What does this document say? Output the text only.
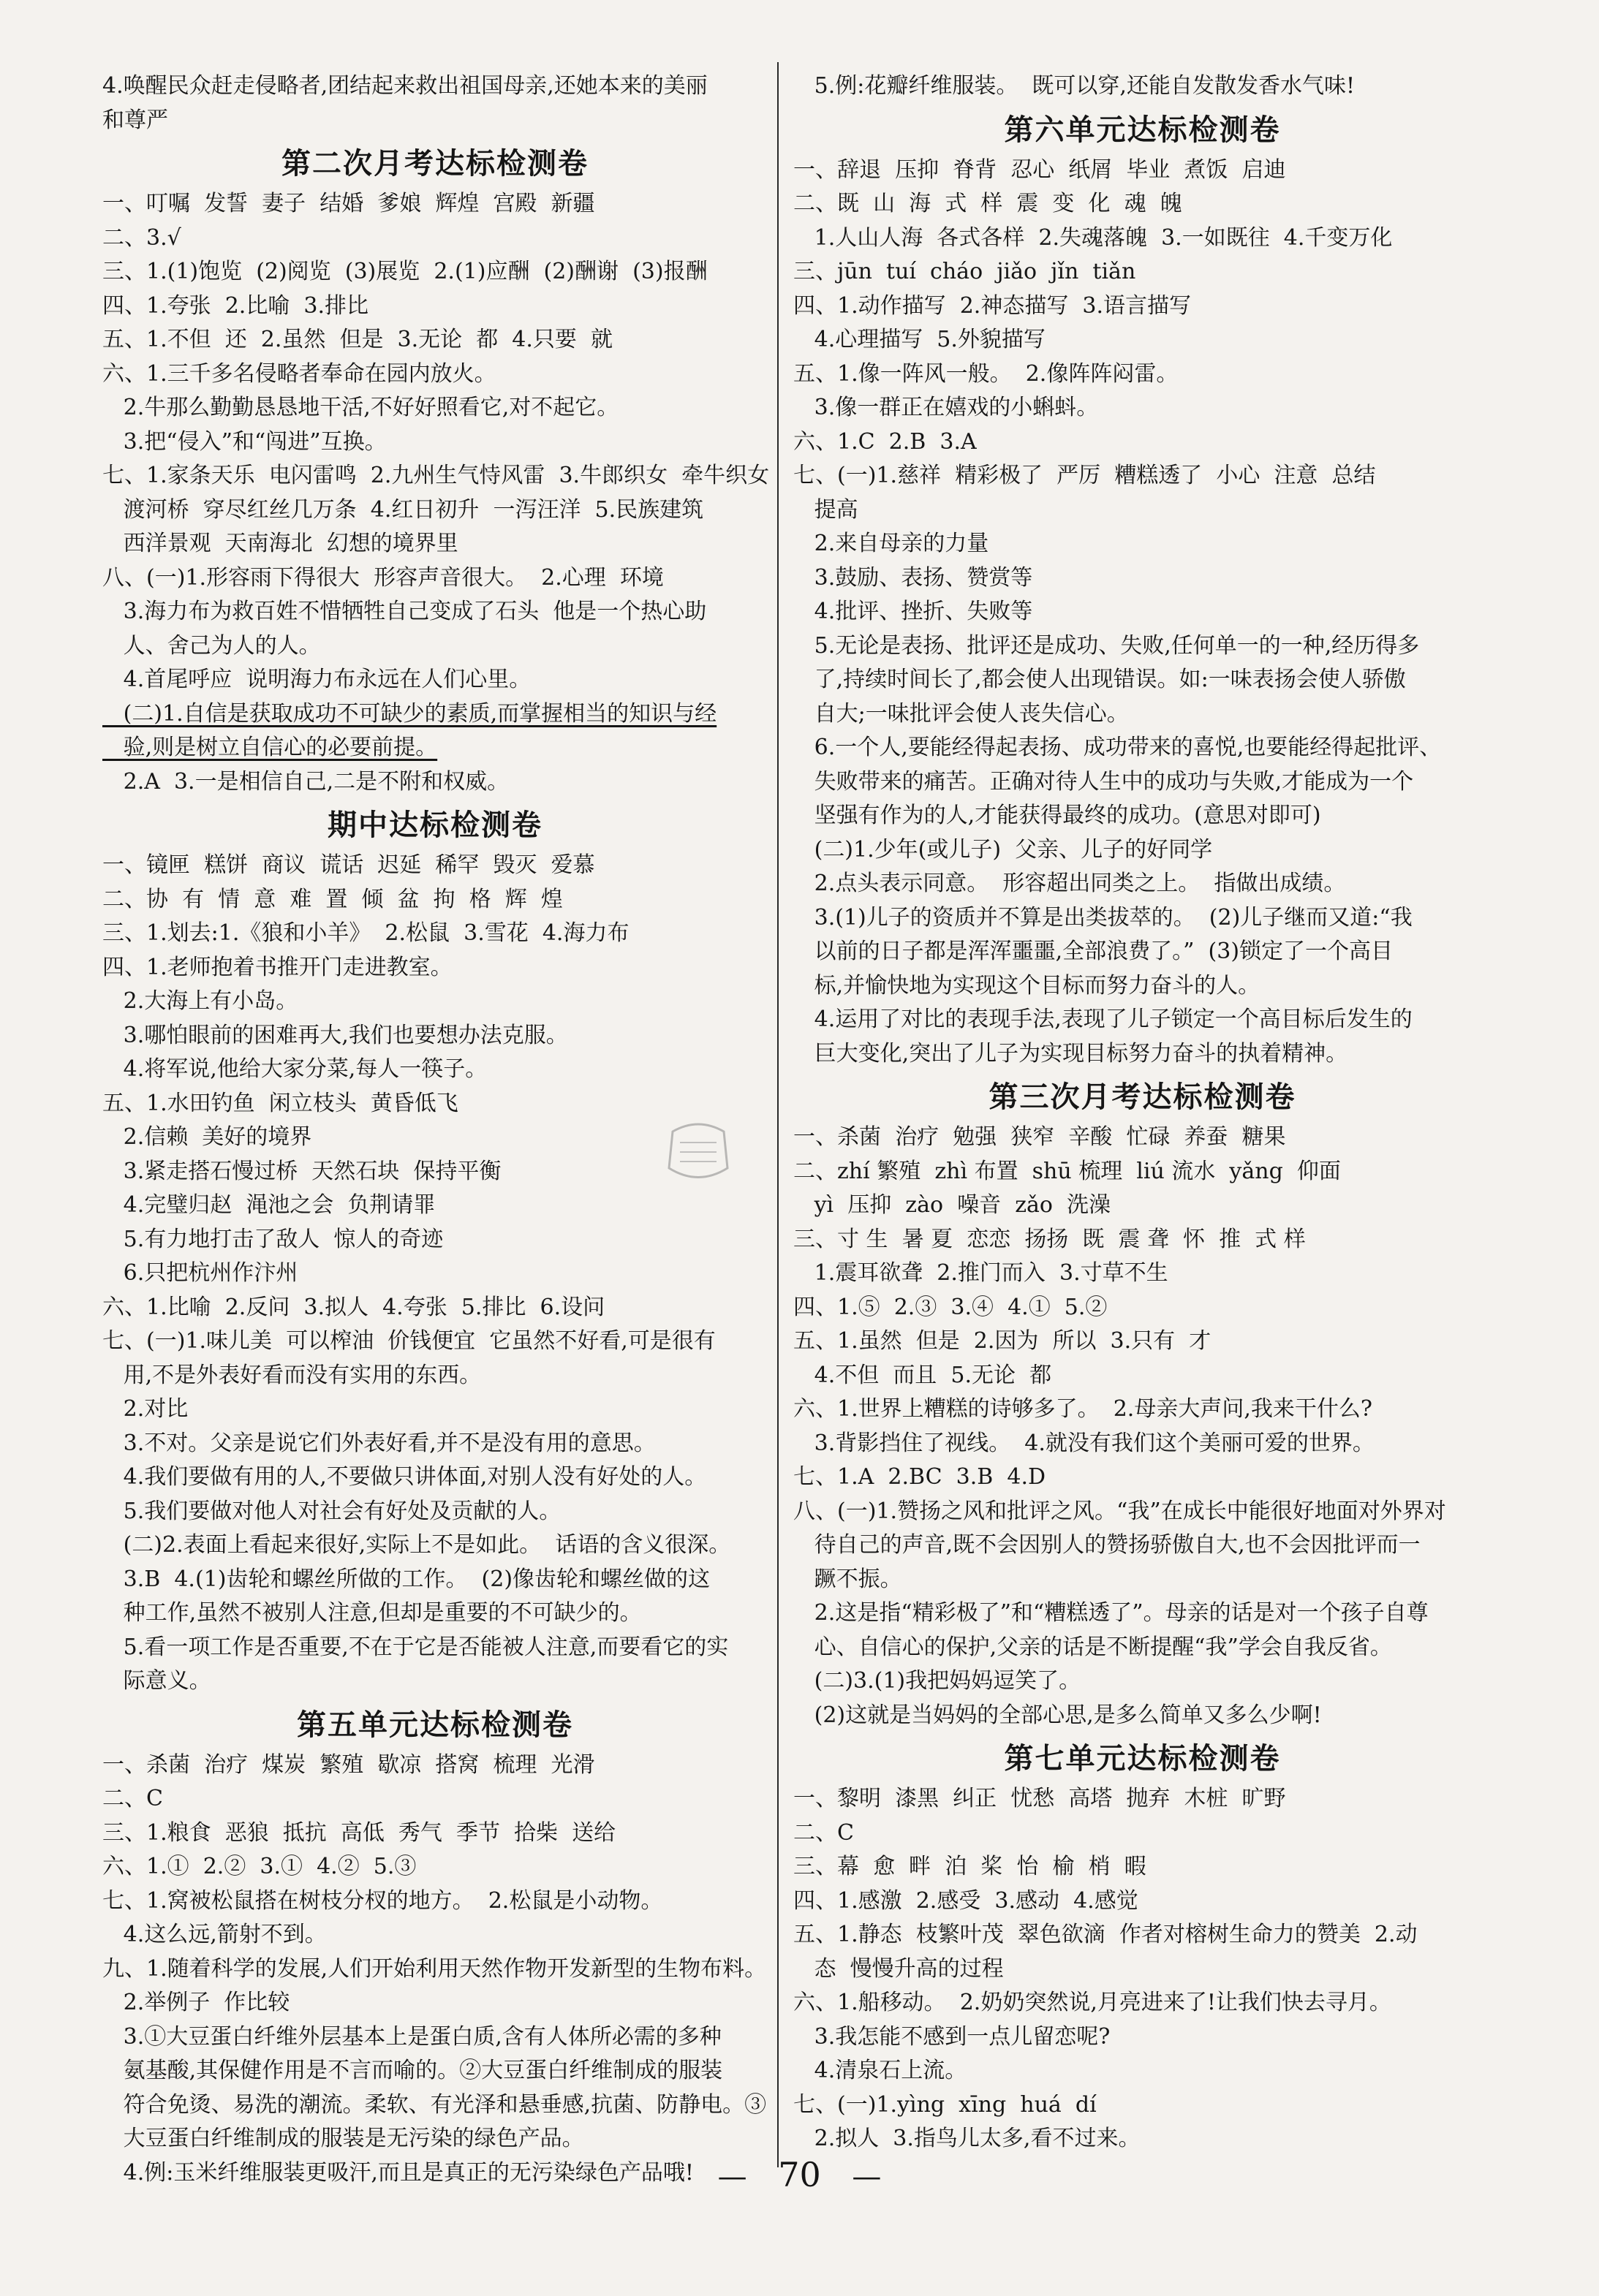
4.唤醒民众赶走侵略者,团结起来救出祖国母亲,还她本来的美丽
和尊严
第二次月考达标检测卷
一、叮嘱  发誓  妻子  结婚  爹娘  辉煌  宫殿  新疆
二、3.√
三、1.(1)饱览  (2)阅览  (3)展览  2.(1)应酬  (2)酬谢  (3)报酬
四、1.夸张  2.比喻  3.排比
五、1.不但  还  2.虽然  但是  3.无论  都  4.只要  就
六、1.三千多名侵略者奉命在园内放火。
2.牛那么勤勤恳恳地干活,不好好照看它,对不起它。
3.把“侵入”和“闯进”互换。
七、1.家条天乐  电闪雷鸣  2.九州生气恃风雷  3.牛郎织女  牵牛织女
渡河桥  穿尽红丝几万条  4.红日初升  一泻汪洋  5.民族建筑
西洋景观  天南海北  幻想的境界里
八、(一)1.形容雨下得很大  形容声音很大。  2.心理  环境
3.海力布为救百姓不惜牺牲自己变成了石头  他是一个热心助
人、舍己为人的人。
4.首尾呼应  说明海力布永远在人们心里。
(二)1.自信是获取成功不可缺少的素质,而掌握相当的知识与经
验,则是树立自信心的必要前提。
2.A  3.一是相信自己,二是不附和权威。
期中达标检测卷
一、镜匣  糕饼  商议  谎话  迟延  稀罕  毁灭  爱慕
二、协  有  情  意  难  置  倾  盆  拘  格  辉  煌
三、1.划去:1.《狼和小羊》  2.松鼠  3.雪花  4.海力布
四、1.老师抱着书推开门走进教室。
2.大海上有小岛。
3.哪怕眼前的困难再大,我们也要想办法克服。
4.将军说,他给大家分菜,每人一筷子。
五、1.水田钓鱼  闲立枝头  黄昏低飞
2.信赖  美好的境界
3.紧走搭石慢过桥  天然石块  保持平衡
4.完璧归赵  渑池之会  负荆请罪
5.有力地打击了敌人  惊人的奇迹
6.只把杭州作汴州
六、1.比喻  2.反问  3.拟人  4.夸张  5.排比  6.设问
七、(一)1.味儿美  可以榨油  价钱便宜  它虽然不好看,可是很有
用,不是外表好看而没有实用的东西。
2.对比
3.不对。父亲是说它们外表好看,并不是没有用的意思。
4.我们要做有用的人,不要做只讲体面,对别人没有好处的人。
5.我们要做对他人对社会有好处及贡献的人。
(二)2.表面上看起来很好,实际上不是如此。  话语的含义很深。
3.B  4.(1)齿轮和螺丝所做的工作。  (2)像齿轮和螺丝做的这
种工作,虽然不被别人注意,但却是重要的不可缺少的。
5.看一项工作是否重要,不在于它是否能被人注意,而要看它的实
际意义。
第五单元达标检测卷
一、杀菌  治疗  煤炭  繁殖  歇凉  搭窝  梳理  光滑
二、C
三、1.粮食  恶狼  抵抗  高低  秀气  季节  拾柴  送给
六、1.①  2.②  3.①  4.②  5.③
七、1.窝被松鼠搭在树枝分杈的地方。  2.松鼠是小动物。
4.这么远,箭射不到。
九、1.随着科学的发展,人们开始利用天然作物开发新型的生物布料。
2.举例子  作比较
3.①大豆蛋白纤维外层基本上是蛋白质,含有人体所必需的多种
氨基酸,其保健作用是不言而喻的。②大豆蛋白纤维制成的服装
符合免烫、易洗的潮流。柔软、有光泽和悬垂感,抗菌、防静电。③
大豆蛋白纤维制成的服装是无污染的绿色产品。
4.例:玉米纤维服装更吸汗,而且是真正的无污染绿色产品哦!
5.例:花瓣纤维服装。  既可以穿,还能自发散发香水气味!
第六单元达标检测卷
一、辞退  压抑  脊背  忍心  纸屑  毕业  煮饭  启迪
二、既  山  海  式  样  震  变  化  魂  魄
1.人山人海  各式各样  2.失魂落魄  3.一如既往  4.千变万化
三、jūn  tuí  cháo  jiǎo  jǐn  tiǎn
四、1.动作描写  2.神态描写  3.语言描写
4.心理描写  5.外貌描写
五、1.像一阵风一般。  2.像阵阵闷雷。
3.像一群正在嬉戏的小蝌蚪。
六、1.C  2.B  3.A
七、(一)1.慈祥  精彩极了  严厉  糟糕透了  小心  注意  总结
提高
2.来自母亲的力量
3.鼓励、表扬、赞赏等
4.批评、挫折、失败等
5.无论是表扬、批评还是成功、失败,任何单一的一种,经历得多
了,持续时间长了,都会使人出现错误。如:一味表扬会使人骄傲
自大;一味批评会使人丧失信心。
6.一个人,要能经得起表扬、成功带来的喜悦,也要能经得起批评、
失败带来的痛苦。正确对待人生中的成功与失败,才能成为一个
坚强有作为的人,才能获得最终的成功。(意思对即可)
(二)1.少年(或儿子)  父亲、儿子的好同学
2.点头表示同意。  形容超出同类之上。  指做出成绩。
3.(1)儿子的资质并不算是出类拔萃的。  (2)儿子继而又道:“我
以前的日子都是浑浑噩噩,全部浪费了。”  (3)锁定了一个高目
标,并愉快地为实现这个目标而努力奋斗的人。
4.运用了对比的表现手法,表现了儿子锁定一个高目标后发生的
巨大变化,突出了儿子为实现目标努力奋斗的执着精神。
第三次月考达标检测卷
一、杀菌  治疗  勉强  狭窄  辛酸  忙碌  养蚕  糖果
二、zhí 繁殖  zhì 布置  shū 梳理  liú 流水  yǎng  仰面
yì  压抑  zào  噪音  zǎo  洗澡
三、寸 生  暑 夏  恋恋  扬扬  既  震 聋  怀  推  式 样
1.震耳欲聋  2.推门而入  3.寸草不生
四、1.⑤  2.③  3.④  4.①  5.②
五、1.虽然  但是  2.因为  所以  3.只有  才
4.不但  而且  5.无论  都
六、1.世界上糟糕的诗够多了。  2.母亲大声问,我来干什么?
3.背影挡住了视线。  4.就没有我们这个美丽可爱的世界。
七、1.A  2.BC  3.B  4.D
八、(一)1.赞扬之风和批评之风。“我”在成长中能很好地面对外界对
待自己的声音,既不会因别人的赞扬骄傲自大,也不会因批评而一
蹶不振。
2.这是指“精彩极了”和“糟糕透了”。母亲的话是对一个孩子自尊
心、自信心的保护,父亲的话是不断提醒“我”学会自我反省。
(二)3.(1)我把妈妈逗笑了。
(2)这就是当妈妈的全部心思,是多么简单又多么少啊!
第七单元达标检测卷
一、黎明  漆黑  纠正  忧愁  高塔  抛弃  木桩  旷野
二、C
三、幕  愈  畔  泊  桨  怡  榆  梢  暇
四、1.感激  2.感受  3.感动  4.感觉
五、1.静态  枝繁叶茂  翠色欲滴  作者对榕树生命力的赞美  2.动
态  慢慢升高的过程
六、1.船移动。  2.奶奶突然说,月亮进来了!让我们快去寻月。
3.我怎能不感到一点儿留恋呢?
4.清泉石上流。
七、(一)1.yìng  xīng  huá  dí
2.拟人  3.指鸟儿太多,看不过来。
— 70 —
